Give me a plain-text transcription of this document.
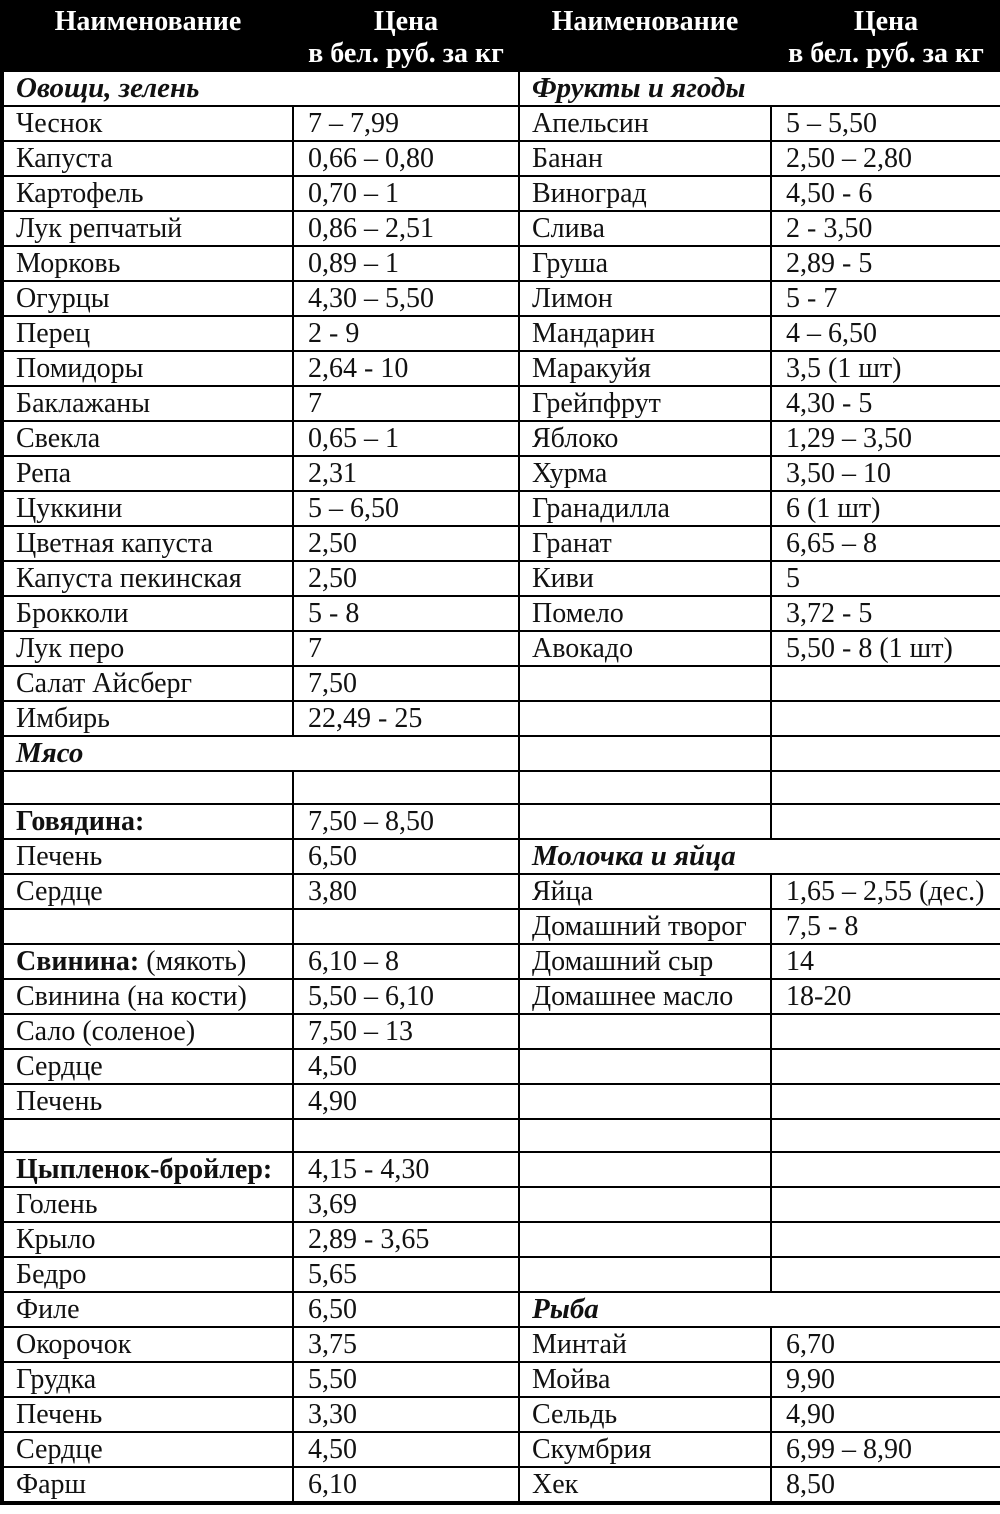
Наименование	Цена
в бел. руб. за кг

Наименование	Цена
в бел. руб. за кг

Овощи, зелень		Фрукты и ягоды	
Чеснок	7 – 7,99	Апельсин	5 – 5,50
Капуста	0,66 – 0,80	Банан	2,50 – 2,80
Картофель	0,70 – 1	Виноград	4,50 - 6
Лук репчатый	0,86 – 2,51	Слива	2 - 3,50
Морковь	0,89 – 1	Груша	2,89 - 5
Огурцы	4,30 – 5,50	Лимон	5 - 7
Перец	2 - 9	Мандарин	4 – 6,50
Помидоры	2,64 - 10	Маракуйя	3,5 (1 шт)
Баклажаны	7	Грейпфрут	4,30 - 5
Свекла	0,65 – 1	Яблоко	1,29 – 3,50
Репа	2,31	Хурма	3,50 – 10
Цуккини	5 – 6,50	Гранадилла	6 (1 шт)
Цветная капуста	2,50	Гранат	6,65 – 8
Капуста пекинская	2,50	Киви	5
Брокколи	5 - 8	Помело	3,72 - 5
Лук перо	7	Авокадо	5,50 - 8 (1 шт)
Салат Айсберг	7,50		
Имбирь	22,49 - 25		
Мясо			

Говядина:	7,50 – 8,50		
Печень	6,50	Молочка и яйца	
Сердце	3,80	Яйца	1,65 – 2,55 (дес.)
		Домашний творог	7,5 - 8
Свинина: (мякоть)	6,10 – 8	Домашний сыр	14
Свинина (на кости)	5,50 – 6,10	Домашнее масло	18-20
Сало (соленое)	7,50 – 13		
Сердце	4,50		
Печень	4,90		

Цыпленок-бройлер:	4,15 - 4,30		
Голень	3,69		
Крыло	2,89 - 3,65		
Бедро	5,65		
Филе	6,50	Рыба	
Окорочок	3,75	Минтай	6,70
Грудка	5,50	Мойва	9,90
Печень	3,30	Сельдь	4,90
Сердце	4,50	Скумбрия	6,99 – 8,90
Фарш	6,10	Хек	8,50
